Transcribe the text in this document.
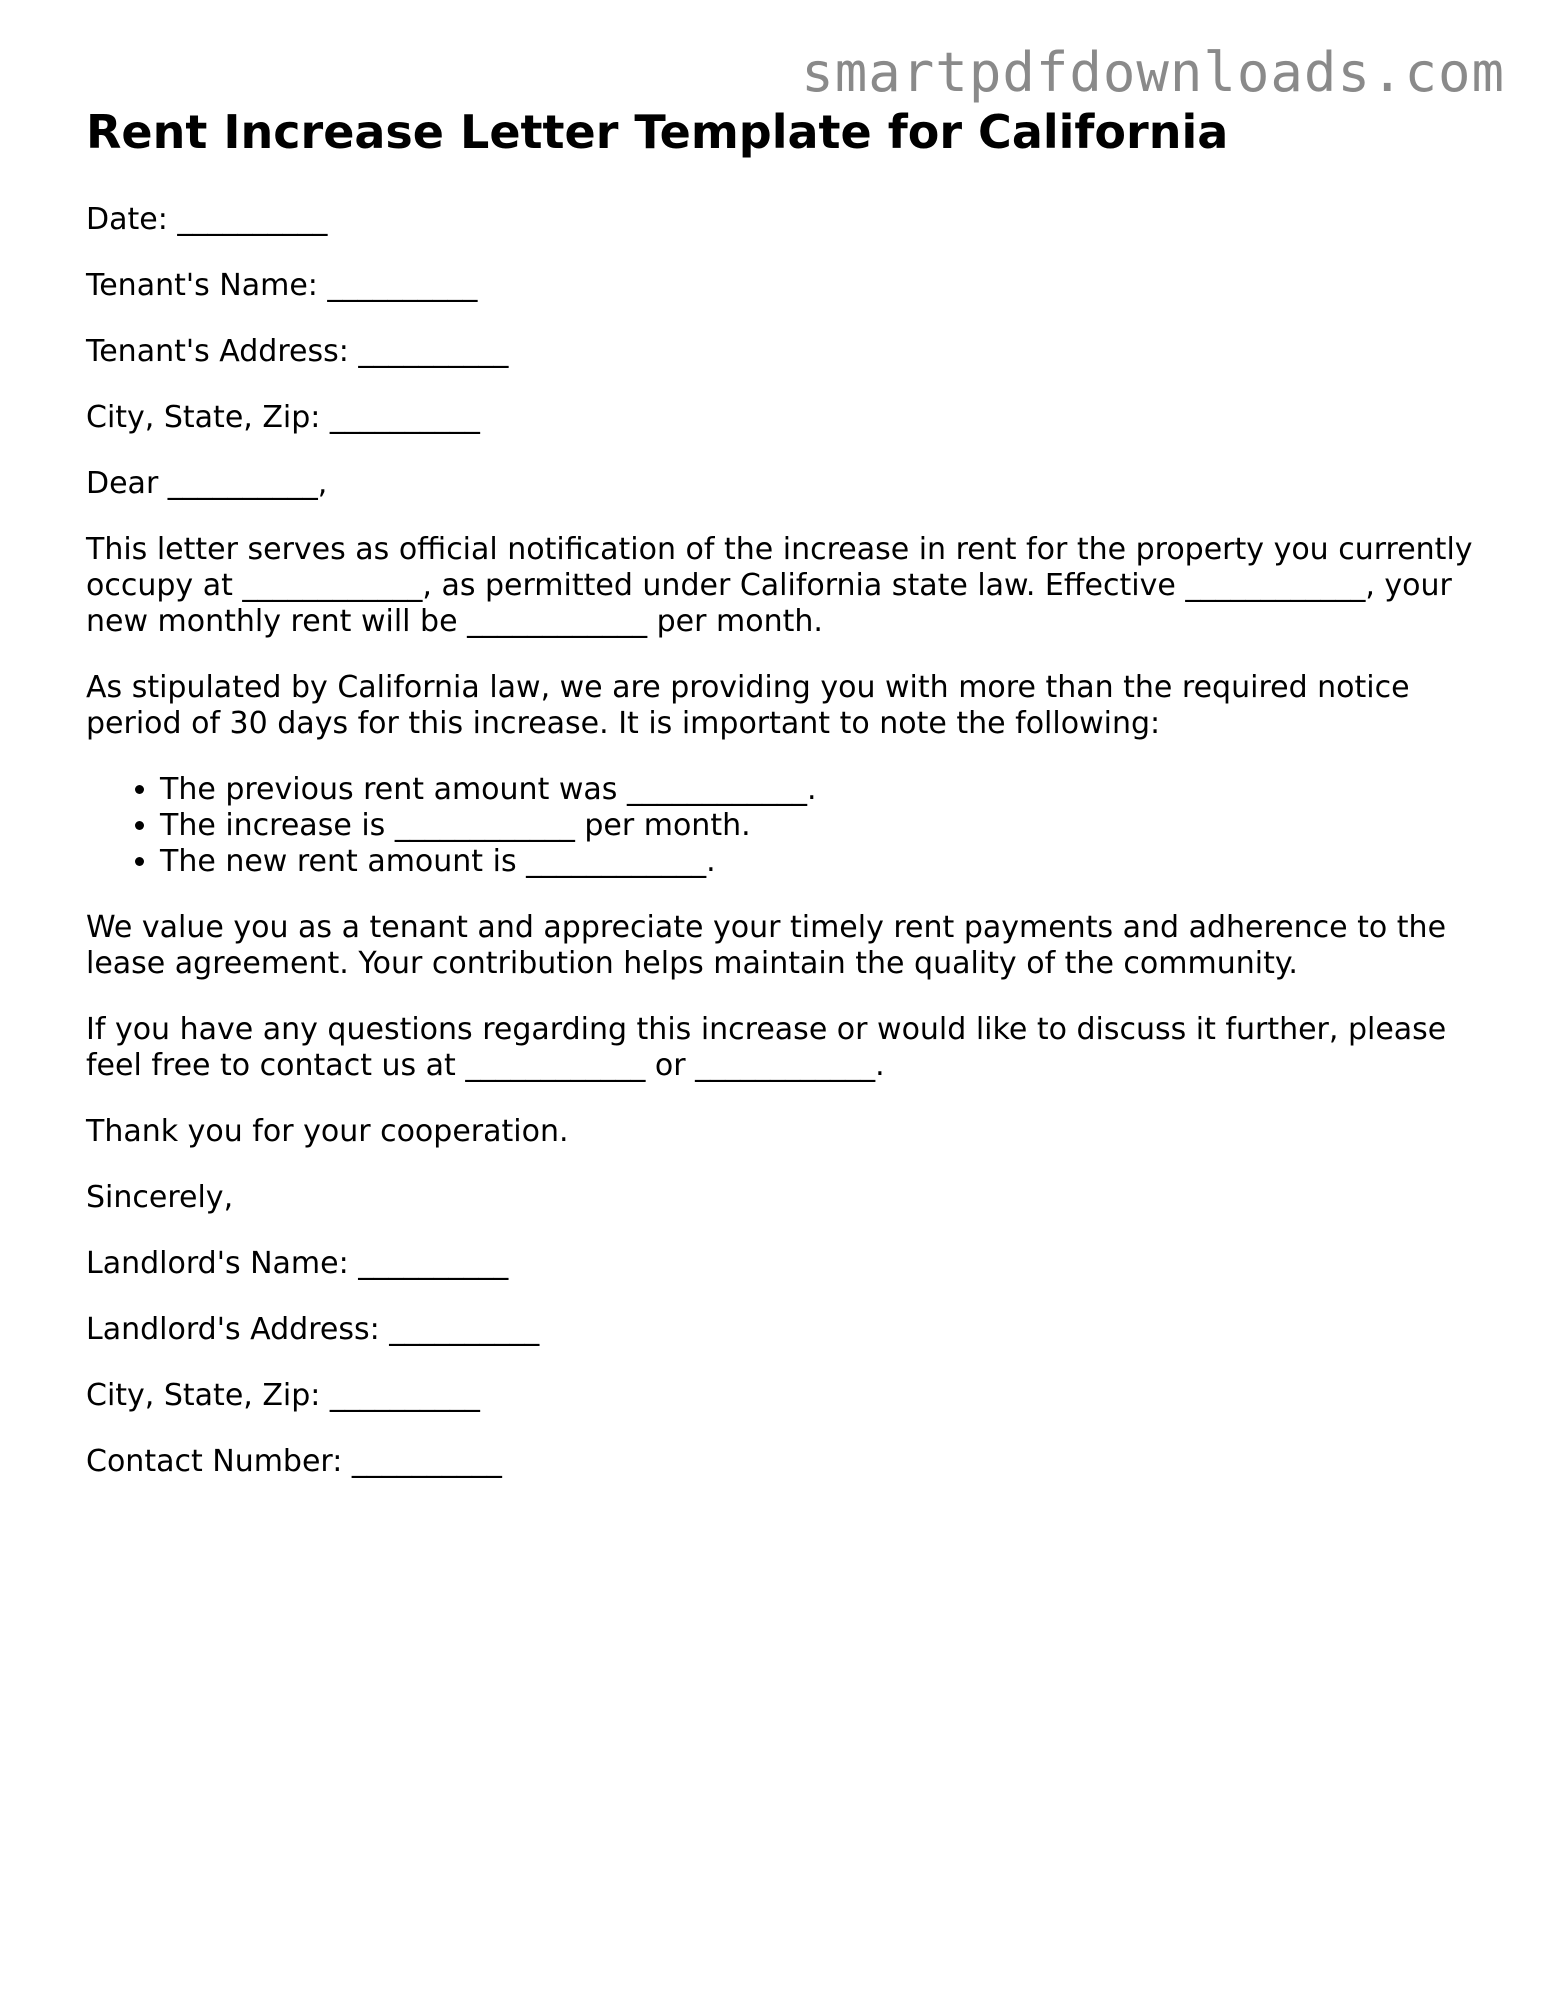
smartpdfdownloads.com
Rent Increase Letter Template for California

Date: __________

Tenant's Name: __________

Tenant's Address: __________

City, State, Zip: __________

Dear __________,

This letter serves as official notification of the increase in rent for the property you currently occupy at ____________, as permitted under California state law. Effective ____________, your new monthly rent will be ____________ per month.

As stipulated by California law, we are providing you with more than the required notice period of 30 days for this increase. It is important to note the following:

• The previous rent amount was ____________.
• The increase is ____________ per month.
• The new rent amount is ____________.

We value you as a tenant and appreciate your timely rent payments and adherence to the lease agreement. Your contribution helps maintain the quality of the community.

If you have any questions regarding this increase or would like to discuss it further, please feel free to contact us at ____________ or ____________.

Thank you for your cooperation.

Sincerely,

Landlord's Name: __________

Landlord's Address: __________

City, State, Zip: __________

Contact Number: __________
